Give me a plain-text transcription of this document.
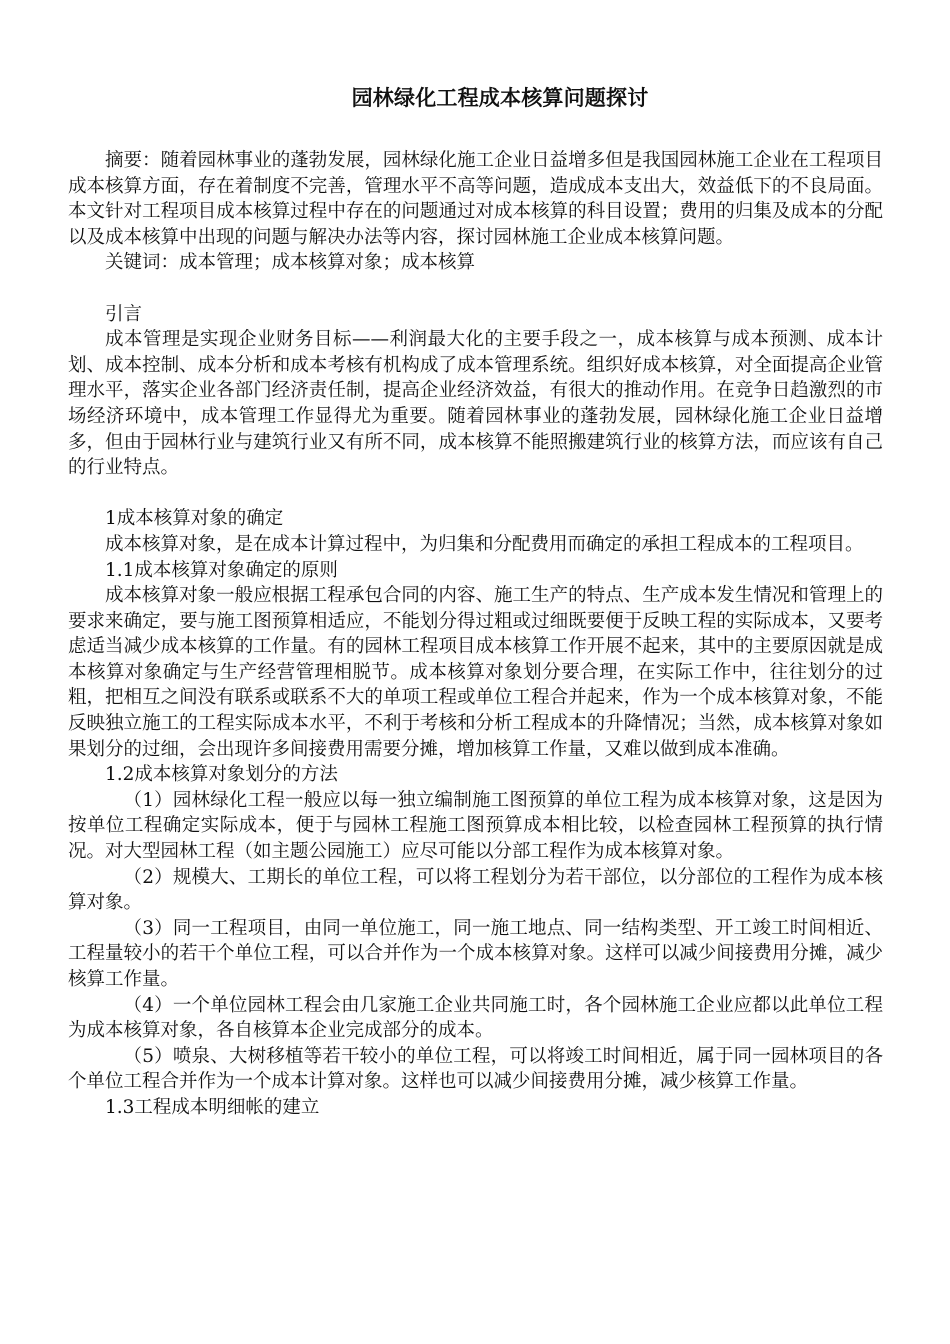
园林绿化工程成本核算问题探讨

摘要：随着园林事业的蓬勃发展，园林绿化施工企业日益增多但是我国园林施工企业在工程项目成本核算方面，存在着制度不完善，管理水平不高等问题，造成成本支出大，效益低下的不良局面。本文针对工程项目成本核算过程中存在的问题通过对成本核算的科目设置；费用的归集及成本的分配以及成本核算中出现的问题与解决办法等内容，探讨园林施工企业成本核算问题。

关键词：成本管理；成本核算对象；成本核算

引言

成本管理是实现企业财务目标——利润最大化的主要手段之一，成本核算与成本预测、成本计划、成本控制、成本分析和成本考核有机构成了成本管理系统。组织好成本核算，对全面提高企业管理水平，落实企业各部门经济责任制，提高企业经济效益，有很大的推动作用。在竞争日趋激烈的市场经济环境中，成本管理工作显得尤为重要。随着园林事业的蓬勃发展，园林绿化施工企业日益增多，但由于园林行业与建筑行业又有所不同，成本核算不能照搬建筑行业的核算方法，而应该有自己的行业特点。

1成本核算对象的确定

成本核算对象，是在成本计算过程中，为归集和分配费用而确定的承担工程成本的工程项目。

1.1成本核算对象确定的原则

成本核算对象一般应根据工程承包合同的内容、施工生产的特点、生产成本发生情况和管理上的要求来确定，要与施工图预算相适应，不能划分得过粗或过细既要便于反映工程的实际成本，又要考虑适当减少成本核算的工作量。有的园林工程项目成本核算工作开展不起来，其中的主要原因就是成本核算对象确定与生产经营管理相脱节。成本核算对象划分要合理，在实际工作中，往往划分的过粗，把相互之间没有联系或联系不大的单项工程或单位工程合并起来，作为一个成本核算对象，不能反映独立施工的工程实际成本水平，不利于考核和分析工程成本的升降情况；当然，成本核算对象如果划分的过细，会出现许多间接费用需要分摊，增加核算工作量，又难以做到成本准确。

1.2成本核算对象划分的方法

（1）园林绿化工程一般应以每一独立编制施工图预算的单位工程为成本核算对象，这是因为按单位工程确定实际成本，便于与园林工程施工图预算成本相比较，以检查园林工程预算的执行情况。对大型园林工程（如主题公园施工）应尽可能以分部工程作为成本核算对象。

（2）规模大、工期长的单位工程，可以将工程划分为若干部位，以分部位的工程作为成本核算对象。

（3）同一工程项目，由同一单位施工，同一施工地点、同一结构类型、开工竣工时间相近、工程量较小的若干个单位工程，可以合并作为一个成本核算对象。这样可以减少间接费用分摊，减少核算工作量。

（4）一个单位园林工程会由几家施工企业共同施工时，各个园林施工企业应都以此单位工程为成本核算对象，各自核算本企业完成部分的成本。

（5）喷泉、大树移植等若干较小的单位工程，可以将竣工时间相近，属于同一园林项目的各个单位工程合并作为一个成本计算对象。这样也可以减少间接费用分摊，减少核算工作量。

1.3工程成本明细帐的建立
